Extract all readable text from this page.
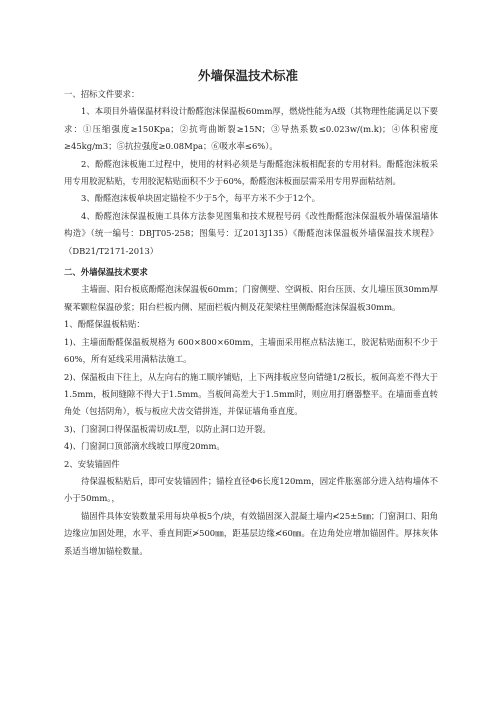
外墙保温技术标准

一、招标文件要求：

1、本项目外墙保温材料设计酚醛泡沫保温板60mm厚，燃烧性能为A级（其物理性能满足以下要求：①压缩强度≥150Kpa；②抗弯曲断裂≥15N；③导热系数≤0.023w/(m.k)；④体积密度≥45kg/m3；⑤抗拉强度≥0.08Mpa；⑥吸水率≤6%）。

2、酚醛泡沫板施工过程中，使用的材料必须是与酚醛泡沫板相配套的专用材料。酚醛泡沫板采用专用胶泥粘贴，专用胶泥粘贴面积不少于60%，酚醛泡沫板面层需采用专用界面粘结剂。

3、酚醛泡沫板单块固定锚栓不少于5个，每平方米不少于12个。

4、酚醛泡沫保温板施工具体方法参见图集和技术规程号码《改性酚醛泡沫保温板外墙保温墙体构造》（统一编号：DBJT05-258；图集号：辽2013J135）《酚醛泡沫保温板外墙保温技术规程》（DB21/T2171-2013）

二、外墙保温技术要求

主墙面、阳台板底酚醛泡沫保温板60mm；门窗侧壁、空调板、阳台压顶、女儿墙压顶30mm厚聚苯颗粒保温砂浆；阳台栏板内侧、屋面栏板内侧及花架梁柱里侧酚醛泡沫保温板30mm。

1、酚醛保温板粘贴：

1)、主墙面酚醛保温板规格为 600×800×60mm，主墙面采用框点粘法施工，胶泥粘贴面积不少于60%，所有延线采用满粘法施工。

2)、保温板由下往上，从左向右的施工顺序铺贴，上下两排板应竖向错缝1/2板长，板间高差不得大于1.5mm，板间缝隙不得大于1.5mm。当板间高差大于1.5mm时，则应用打磨器整平。在墙面垂直转角处（包括阴角），板与板应犬齿交错拼连，并保证墙角垂直度。

3)、门窗洞口得保温板需切成L型，以防止洞口边开裂。

4)、门窗洞口顶部滴水线坡口厚度20mm。

2、安装锚固件

待保温板粘贴后，即可安装锚固件；锚栓直径Φ6长度120mm，固定件胀塞部分进入结构墙体不小于50mm。，

锚固件具体安装数量采用每块单板5个/块，有效锚固深入混凝土墙内≮25±5㎜；门窗洞口、阳角边缘应加固处理，水平、垂直间距≯500㎜，距基层边缘≮60㎜。在边角处应增加锚固件。厚抹灰体系适当增加锚栓数量。
